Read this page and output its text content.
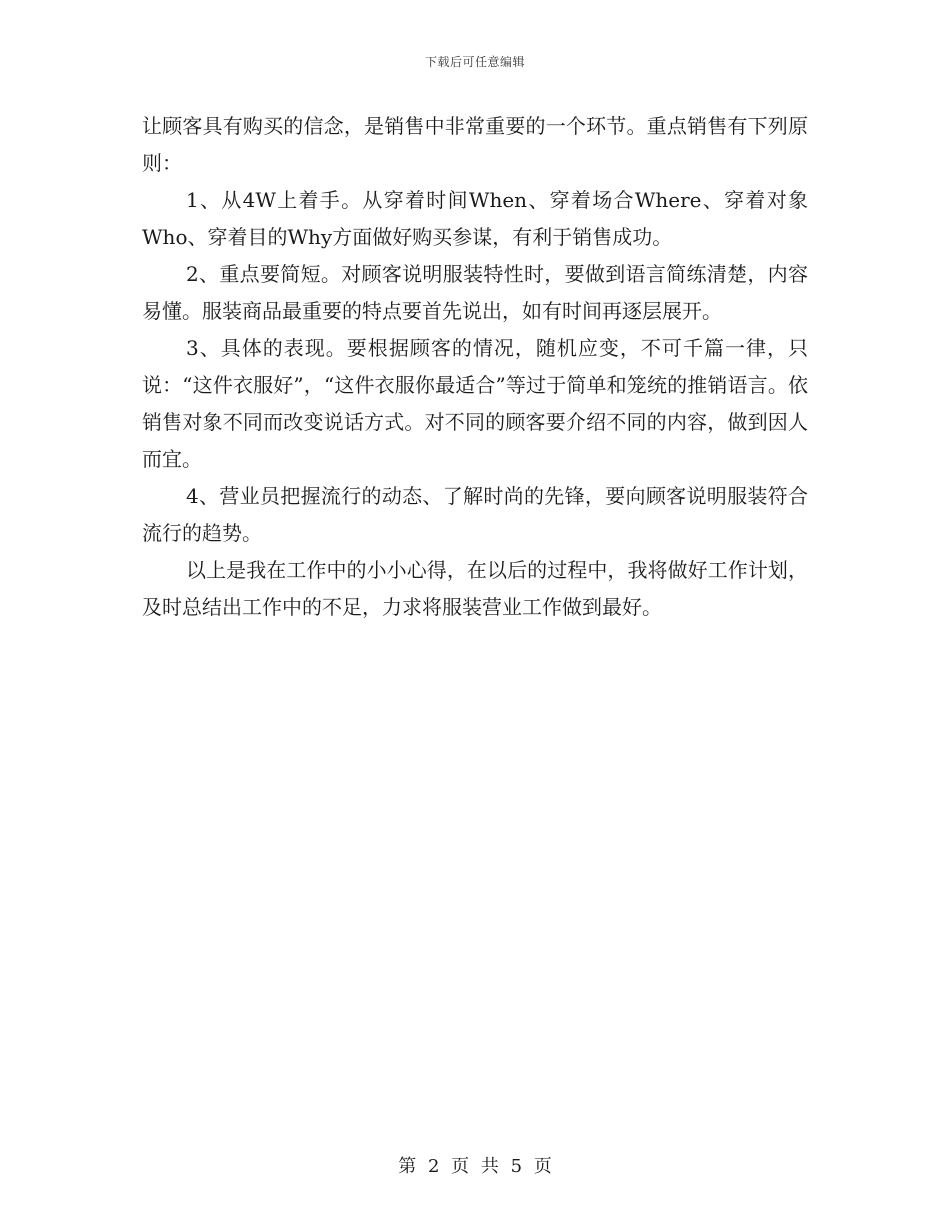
下载后可任意编辑

让顾客具有购买的信念，是销售中非常重要的一个环节。重点销售有下列原则：

1、从4W上着手。从穿着时间When、穿着场合Where、穿着对象Who、穿着目的Why方面做好购买参谋，有利于销售成功。

2、重点要简短。对顾客说明服装特性时，要做到语言简练清楚，内容易懂。服装商品最重要的特点要首先说出，如有时间再逐层展开。

3、具体的表现。要根据顾客的情况，随机应变，不可千篇一律，只说：“这件衣服好”，“这件衣服你最适合”等过于简单和笼统的推销语言。依销售对象不同而改变说话方式。对不同的顾客要介绍不同的内容，做到因人而宜。

4、营业员把握流行的动态、了解时尚的先锋，要向顾客说明服装符合流行的趋势。

以上是我在工作中的小小心得，在以后的过程中，我将做好工作计划，及时总结出工作中的不足，力求将服装营业工作做到最好。

第 2 页 共 5 页
